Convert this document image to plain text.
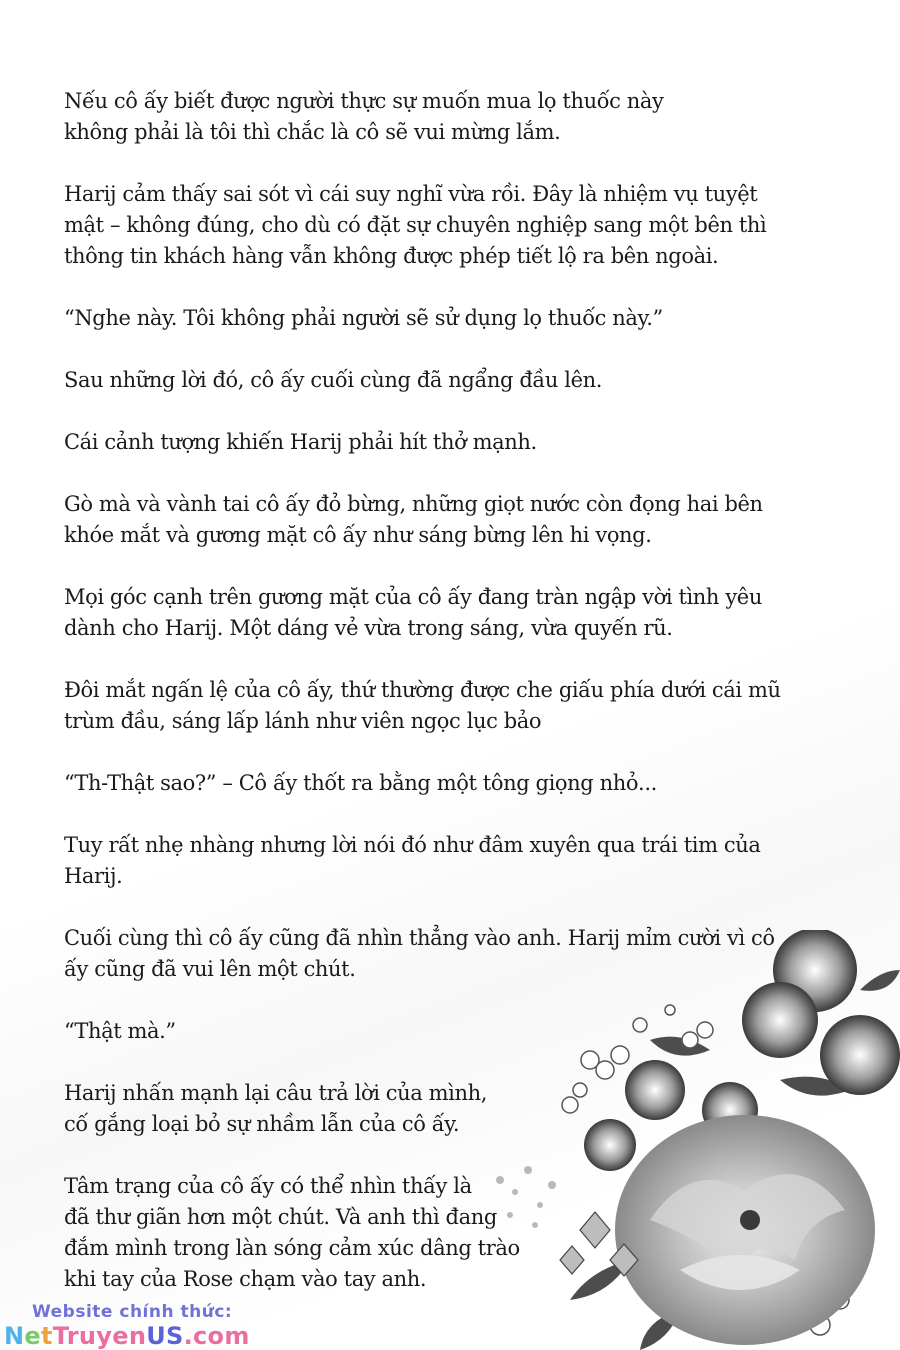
Nếu cô ấy biết được người thực sự muốn mua lọ thuốc này
không phải là tôi thì chắc là cô sẽ vui mừng lắm.

Harij cảm thấy sai sót vì cái suy nghĩ vừa rồi. Đây là nhiệm vụ tuyệt
mật – không đúng, cho dù có đặt sự chuyên nghiệp sang một bên thì
thông tin khách hàng vẫn không được phép tiết lộ ra bên ngoài.

“Nghe này. Tôi không phải người sẽ sử dụng lọ thuốc này.”

Sau những lời đó, cô ấy cuối cùng đã ngẩng đầu lên.

Cái cảnh tượng khiến Harij phải hít thở mạnh.

Gò mà và vành tai cô ấy đỏ bừng, những giọt nước còn đọng hai bên
khóe mắt và gương mặt cô ấy như sáng bừng lên hi vọng.

Mọi góc cạnh trên gương mặt của cô ấy đang tràn ngập vời tình yêu
dành cho Harij. Một dáng vẻ vừa trong sáng, vừa quyến rũ.

Đôi mắt ngấn lệ của cô ấy, thứ thường được che giấu phía dưới cái mũ
trùm đầu, sáng lấp lánh như viên ngọc lục bảo

“Th-Thật sao?” – Cô ấy thốt ra bằng một tông giọng nhỏ...

Tuy rất nhẹ nhàng nhưng lời nói đó như đâm xuyên qua trái tim của
Harij.

Cuối cùng thì cô ấy cũng đã nhìn thẳng vào anh. Harij mỉm cười vì cô
ấy cũng đã vui lên một chút.

“Thật mà.”

Harij nhấn mạnh lại câu trả lời của mình,
cố gắng loại bỏ sự nhầm lẫn của cô ấy.

Tâm trạng của cô ấy có thể nhìn thấy là
đã thư giãn hơn một chút. Và anh thì đang
đắm mình trong làn sóng cảm xúc dâng trào
khi tay của Rose chạm vào tay anh.

Website chính thức:
NetTruyenUS.com
